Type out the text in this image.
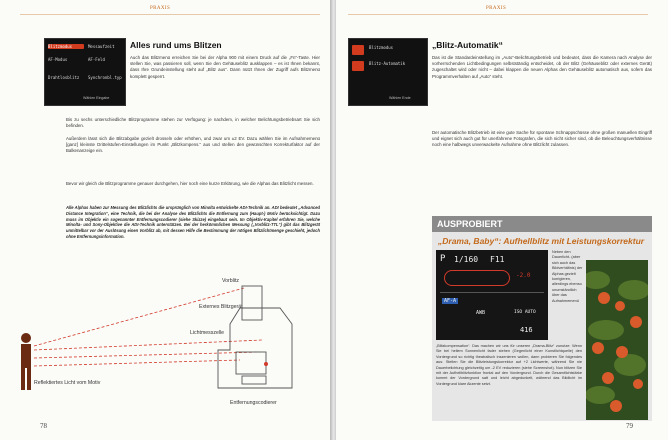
PRAXIS
Blitzmodus	Messaufzeit
AF-Modus	AF-Feld
Drahtlosblitz Synchronbl.typ
Wählen Eingabe
Alles rund ums Blitzen

Auch das Blitzmenü erreichen Sie bei der Alpha 900 mit einem Druck auf die „Fn“-Taste. Hier stellen Sie, was passieren soll, wenn Sie den Gehäuseblitz ausklappen – es ist Ihnen bekannt, dass Ihre Grundeinstellung steht auf „Blitz aus“. Dann nützt Ihnen der Zugriff aufs Blitzmenü komplett gesperrt.

Bis zu sechs unterschiedliche Blitzprogramme stehen zur Verfügung: je nachdem, in welcher Belichtungsbetriebsart Sie sich befinden.

Außerdem lässt sich die Blitzabgabe gezielt drosseln oder erhöhen, und zwar um ±2 EV. Dazu wählen Sie im Aufnahmemenü [ganz] kleinste Drittelstufen-Einstellungen im Punkt „Blitzkompens.“ aus und stellen den gewünschten Korrekturfaktor auf der Balkenanzeige ein.

Bevor wir gleich die Blitzprogramme genauer durchgehen, hier noch eine kurze Erklärung, wie die Alphas das Blitzlicht messen.

Alle Alphas haben zur Messung des Blitzlichts die ursprünglich von Minolta entwickelte ADI-Technik an. ADI bedeutet „Advanced Distance Integration“, eine Technik, die bei der Analyse des Blitzlichts die Entfernung zum (Haupt-) Motiv berücksichtigt. Dazu muss im Objektiv ein sogenannter Entfernungscodierer (siehe Skizze) eingebaut sein. Im Objektiv-Kapitel erfahren Sie, welche Minolta- und Sony-Objektive die ADI-Technik unterstützen. Bei der herkömmlichen Messung („Vorblitz-TTL“) gibt das Blitzgerät unmittelbar vor der Auslösung einen Vorblitz ab, mit dessen Hilfe die Bestimmung der nötigen Blitzlichtmenge geschieht, jedoch ohne Entfernungsinformation.

Vorblitz
Externes Blitzgerät
Lichtmesszelle
Reflektiertes Licht vom Motiv
Entfernungscodierer
78
PRAXIS
Blitzmodus
Blitz-Automatik
Wählen Ende
„Blitz-Automatik“

Das ist die Standardeinstellung im „Auto“-Belichtungsbetrieb und bedeutet, dass die Kamera nach Analyse der vorherrschenden Lichtbedingungen selbstständig entscheidet, ob der Blitz (Gehäuseblitz oder externes Gerät) zugeschaltet wird oder nicht – dabei klappen die neuen Alphas den Gehäuseblitz automatisch aus, sofern das Programmverhalten auf „Auto“ steht.

Der automatische Blitzbetrieb ist eine gute Sache für spontane Schnappschüsse ohne großen manuellen Eingriff und eignet sich auch gut für unerfahrene Fotografen, die sich nicht sicher sind, ob die Beleuchtungsverhältnisse noch eine halbwegs unverwackelte Aufnahme ohne Blitzlicht zulassen.

AUSPROBIERT
„Drama, Baby“: Aufhellblitz mit Leistungskorrektur
P 1/160 F11
-2.0
AF-A
AWB	ISO AUTO
416

Neben den Dauerlicht- (aber sich auch das Bildverhältnis) der Alphas gezielt korrigieren, allerdings ebenso unumständlich über das Aufnahmemenü

„Blitzkompensation“. Das machen wir uns für unseren „Drama-Blitz“ zunutze: Wenn Sie bei hellem Sonnenlicht fader stehen (Gegenlicht einer Kunstlichtquelle) den Vordergrund so richtig theatralisch inszenieren wollen, dann probieren Sie folgendes aus: Stellen Sie die Blitzleistungskorrektur auf +2 Lichtwerte, während Sie nie Dauerbelichtung gleichzeitig um -2 EV reduzieren (siehe Screenshot). Nun blitzen Sie mit der Aufhellblitzfunktion frontal auf den Vordergrund. Durch die Gesamtlichtstärke kommt der Vordergrund satt und leicht abgedunkelt, während das Bildlicht im Vordergrund klare Akzente setzt.

79
